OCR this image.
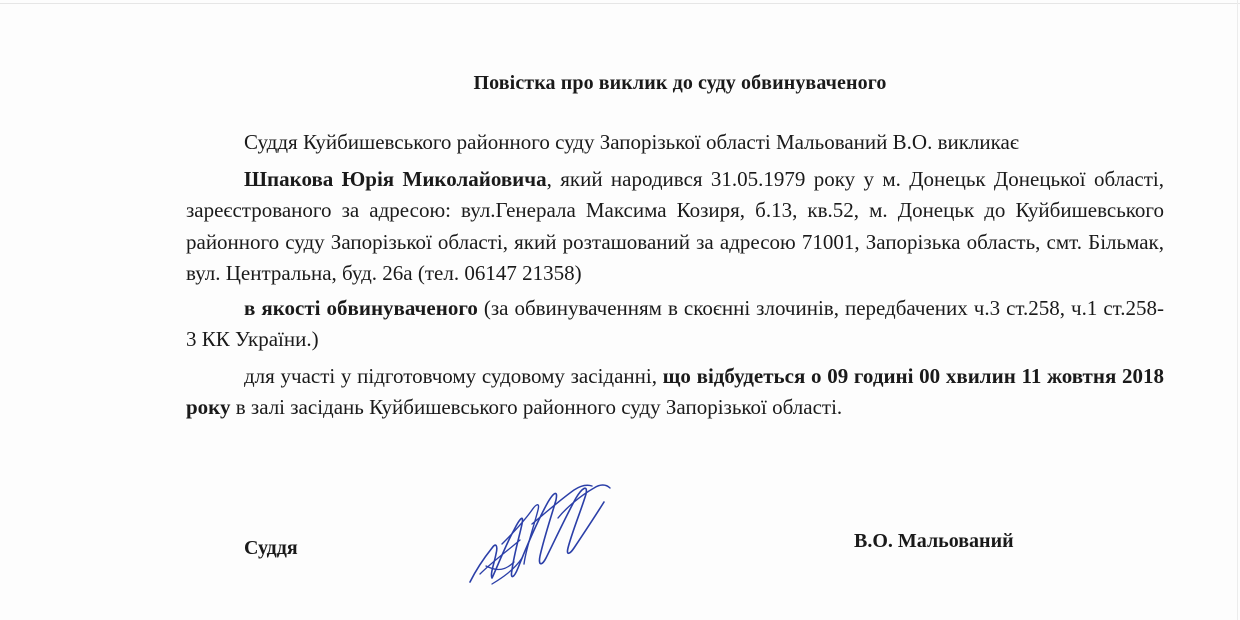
Повістка про виклик до суду обвинуваченого

Суддя Куйбишевського районного суду Запорізької області Мальований В.О. викликає

Шпакова Юрія Миколайовича, який народився 31.05.1979 року у м. Донецьк Донецької області, зареєстрованого за адресою: вул.Генерала Максима Козиря, б.13, кв.52, м. Донецьк до Куйбишевського районного суду Запорізької області, який розташований за адресою 71001, Запорізька область, смт. Більмак, вул. Центральна, буд. 26а (тел. 06147 21358)

в якості обвинуваченого (за обвинуваченням в скоєнні злочинів, передбачених ч.3 ст.258, ч.1 ст.258-3 КК України.)

для участі у підготовчому судовому засіданні, що відбудеться о 09 годині 00 хвилин 11 жовтня 2018 року в залі засідань Куйбишевського районного суду Запорізької області.

Суддя	В.О. Мальований
